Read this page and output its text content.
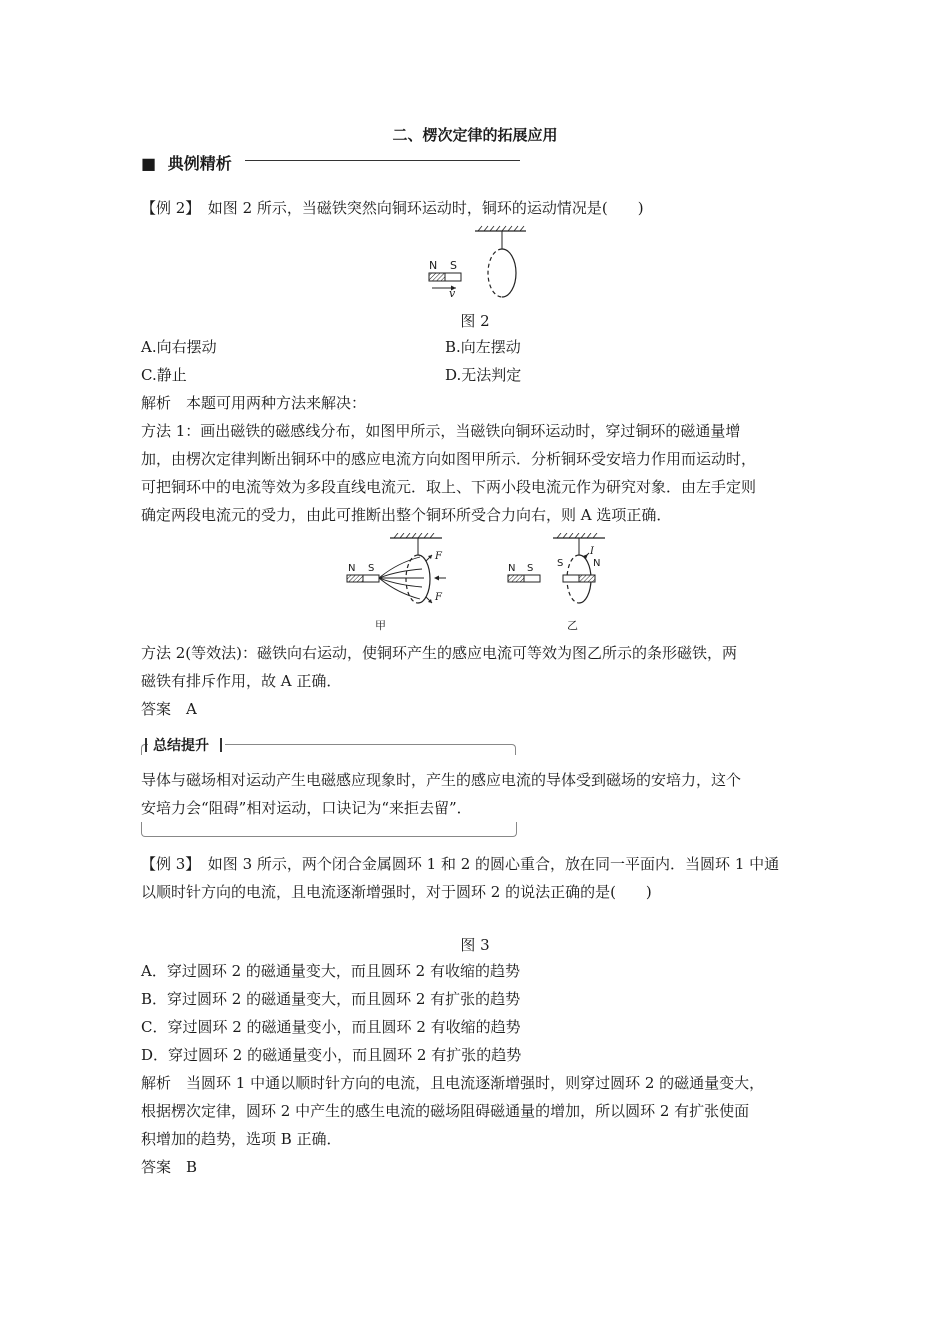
二、楞次定律的拓展应用
■ 典例精析
【例 2】　如图 2 所示，当磁铁突然向铜环运动时，铜环的运动情况是(　　)
N S
v
图 2
A.向右摆动	B.向左摆动
C.静止	D.无法判定
解析　本题可用两种方法来解决：
方法 1：画出磁铁的磁感线分布，如图甲所示，当磁铁向铜环运动时，穿过铜环的磁通量增
加，由楞次定律判断出铜环中的感应电流方向如图甲所示．分析铜环受安培力作用而运动时，
可把铜环中的电流等效为多段直线电流元．取上、下两小段电流元作为研究对象．由左手定则
确定两段电流元的受力，由此可推断出整个铜环所受合力向右，则 A 选项正确．
N S
F
F
甲
N S S
I
N
乙
方法 2(等效法)：磁铁向右运动，使铜环产生的感应电流可等效为图乙所示的条形磁铁，两
磁铁有排斥作用，故 A 正确．
答案　A
总结提升
导体与磁场相对运动产生电磁感应现象时，产生的感应电流的导体受到磁场的安培力，这个
安培力会“阻碍”相对运动，口诀记为“来拒去留”．
【例 3】　如图 3 所示，两个闭合金属圆环 1 和 2 的圆心重合，放在同一平面内．当圆环 1 中通
以顺时针方向的电流，且电流逐渐增强时，对于圆环 2 的说法正确的是(　　)
图 3
A．穿过圆环 2 的磁通量变大，而且圆环 2 有收缩的趋势
B．穿过圆环 2 的磁通量变大，而且圆环 2 有扩张的趋势
C．穿过圆环 2 的磁通量变小，而且圆环 2 有收缩的趋势
D．穿过圆环 2 的磁通量变小，而且圆环 2 有扩张的趋势
解析　当圆环 1 中通以顺时针方向的电流，且电流逐渐增强时，则穿过圆环 2 的磁通量变大，
根据楞次定律，圆环 2 中产生的感生电流的磁场阻碍磁通量的增加，所以圆环 2 有扩张使面
积增加的趋势，选项 B 正确．
答案　B
